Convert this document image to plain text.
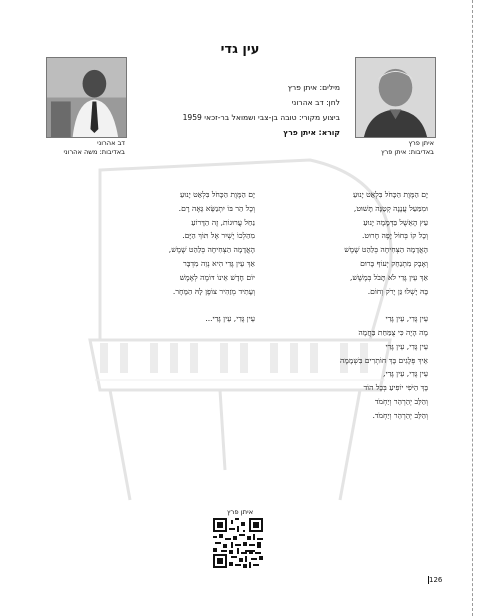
עין גדי
מילים: איתן פרץ
לחן: דב אהרוני
ביצוע מקורי: טובה בן-צבי ושמואל בר-זכאי 1959
קורא: איתן פרץ
איתן פרץ
באדיבות: איתן פרץ
דב אהרוני
באדיבות: משה אהרוני
יָם הַמֶּוֶת הַכָּחֹל בִּלְאַט יָנוּעַ
וּמִמַּעַל עֲנָנָה קְטַנָּה תָּשׁוּט,
עַץ הָאֵשֶׁל בַּדְּמָמָה יָנוּעַ
וְכָל קוֹ בְּחוֹל יָפֶה חָרוּט.
הָאֲדָמָה הַצְּחִיחָה בְּלַהַט שֶׁמֶשׁ
וְאָבָק מִתְנַחֵק יְעוֹף בָּרוּם
אַךְ עֵין גֶּדִי לֹא תָּבֹל בְּמֶשֶׁשׁ,
בָּהּ יָשְׁלוּ גַּן יָרֹק וְחוֹם.
עֵין גֶּדִי, עֵין גֶּדִי
מָה הָיָה כִּי צֻמַּחַת בַּחֲמָה
עֵין גֶּדִי, עֵין גֶּדִי
אֵיךְ פְּלָגִים בָּךְ חוֹתְרִים בִּשְׁמָמָה
עֵין גֶּדִי, עֵין גֶּדִי,
בָּךְ הַיֹּפִי יוֹפִיעַ בְּכָל הוֹד
וְהַלֵּב יְהַרְהֵר וְיַחְמֹד
וְהַלֵּב יְהַרְהֵר וְיַחְמֹד.
יָם הַמֶּוֶת הַכָּחֹל בִּלְאַט יָנוּעַ
וְכָל הַר בּוֹ יִתְנַשֵּׂא גֵּאֶה רָם.
נַחַל עֲרוּגוֹת, זֶה הַדָּרוֹעַ
מִהַלְכוֹ יֶשְׁיִר אֶל תּוֹךְ הַיָּם.
הָאֲדָמָה הַצְּחִיחָה בְּלַהַט שֶׁמֶשׁ,
אַךְ עֵין גֶּדִי הִיא נְוֵה מִדְבָּר
יוֹם חָדָשׁ אֵינוֹ דּוֹמֶה לְאֶמֶשׁ
וְעָתִיד מְזַהִיר צוֹפֶן לָהּ הַמָּחָר.
עֵין גֶּדִי, עֵין גֶּדִי...
איתן פרץ
126
